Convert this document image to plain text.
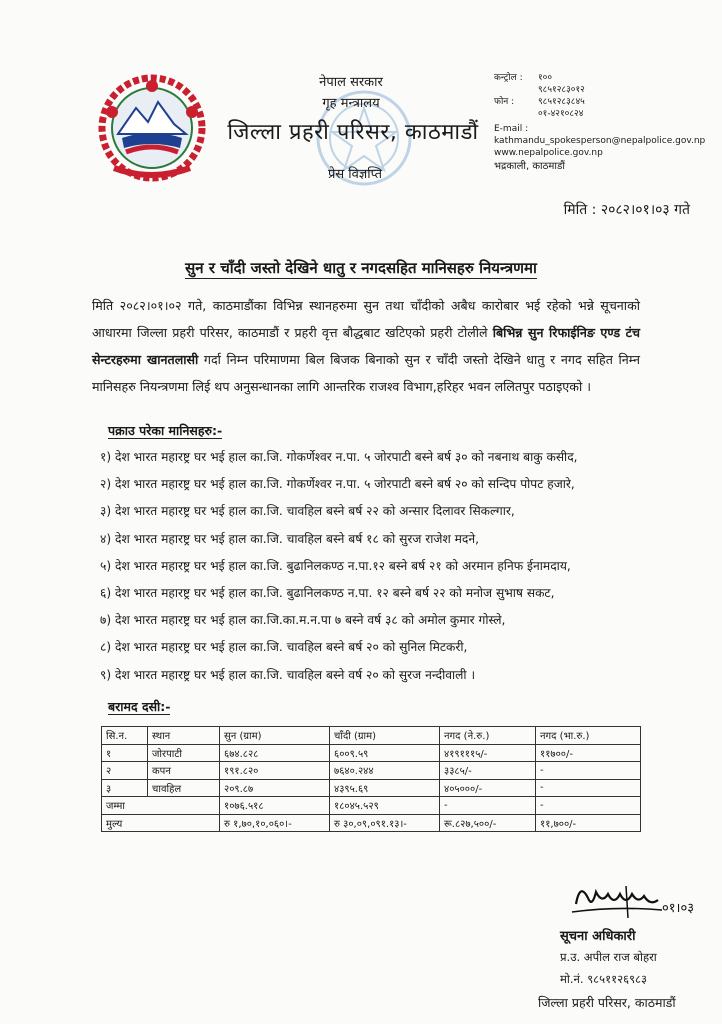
नेपाल सरकार
गृह मन्त्रालय
जिल्ला प्रहरी परिसर, काठमाडौं
प्रेस विज्ञप्ति
कन्ट्रोल :	१००
९८५१२८३०१२
फोन :	९८५१२८३८४५
०१-४२१०८२४
E-mail : kathmandu_spokesperson@nepalpolice.gov.np
www.nepalpolice.gov.np
भद्रकाली, काठमाडौं
मिति : २०८२।०१।०३ गते
सुन र चाँदी जस्तो देखिने धातु र नगदसहित मानिसहरु नियन्त्रणमा
मिति २०८२।०१।०२ गते, काठमाडौंका विभिन्न स्थानहरुमा सुन तथा चाँदीको अबैध कारोबार भई रहेको भन्ने सूचनाको आधारमा जिल्ला प्रहरी परिसर, काठमाडौं र प्रहरी वृत्त बौद्धबाट खटिएको प्रहरी टोलीले बिभिन्न सुन रिफाईनिङ एण्ड टंच सेन्टरहरुमा खानतलासी गर्दा निम्न परिमाणमा बिल बिजक बिनाको सुन र चाँदी जस्तो देखिने धातु र नगद सहित निम्न मानिसहरु नियन्त्रणमा लिई थप अनुसन्धानका लागि आन्तरिक राजश्व विभाग,हरिहर भवन ललितपुर पठाइएको ।
पक्राउ परेका मानिसहरु:-
१) देश भारत महारष्ट्र घर भई हाल का.जि. गोकर्णेश्वर न.पा. ५ जोरपाटी बस्ने बर्ष ३० को नबनाथ बाकु कसीद,
२) देश भारत महारष्ट्र घर भई हाल का.जि. गोकर्णेश्वर न.पा. ५ जोरपाटी बस्ने बर्ष २० को सन्दिप पोपट हजारे,
३) देश भारत महारष्ट्र घर भई हाल का.जि. चावहिल बस्ने बर्ष २२ को अन्सार दिलावर सिकल्गार,
४) देश भारत महारष्ट्र घर भई हाल का.जि. चावहिल बस्ने बर्ष १८ को सुरज राजेश मदने,
५) देश भारत महारष्ट्र घर भई हाल का.जि. बुढानिलकण्ठ न.पा.१२ बस्ने बर्ष २१ को अरमान हनिफ ईनामदाय,
६) देश भारत महारष्ट्र घर भई हाल का.जि. बुढानिलकण्ठ न.पा. १२ बस्ने बर्ष २२ को मनोज सुभाष सकट,
७) देश भारत महारष्ट्र घर भई हाल का.जि.का.म.न.पा ७ बस्ने वर्ष ३८ को अमोल कुमार गोस्ले,
८) देश भारत महारष्ट्र घर भई हाल का.जि. चावहिल बस्ने बर्ष २० को सुनिल मिटकरी,
९) देश भारत महारष्ट्र घर भई हाल का.जि. चावहिल बस्ने वर्ष २० को सुरज नन्दीवाली ।
बरामद दसी:-
सि.न.	स्थान	सुन (ग्राम)	चाँदी (ग्राम)	नगद (ने.रु.)	नगद (भा.रु.)
१	जोरपाटी	६७४.८२८	६००९.५९	४१९१११५/-	११७००/-
२	कपन	१९१.८२०	७६४०.२४४	३३८५/-	-
३	चावहिल	२०९.८७	४३९५.६९	४०५०००/-	-
जम्मा		१०७६.५१८	१८०४५.५२९	-	-
मुल्य		रु १,७०,१०,०६०।-	रु ३०,०९,०९१.१३।-	रू.८२७,५००/-	११,७००/-
०१।०३
सूचना अधिकारी
प्र.उ. अपील राज बोहरा
मो.नं. ९८५११२६९८३
जिल्ला प्रहरी परिसर, काठमाडौं
